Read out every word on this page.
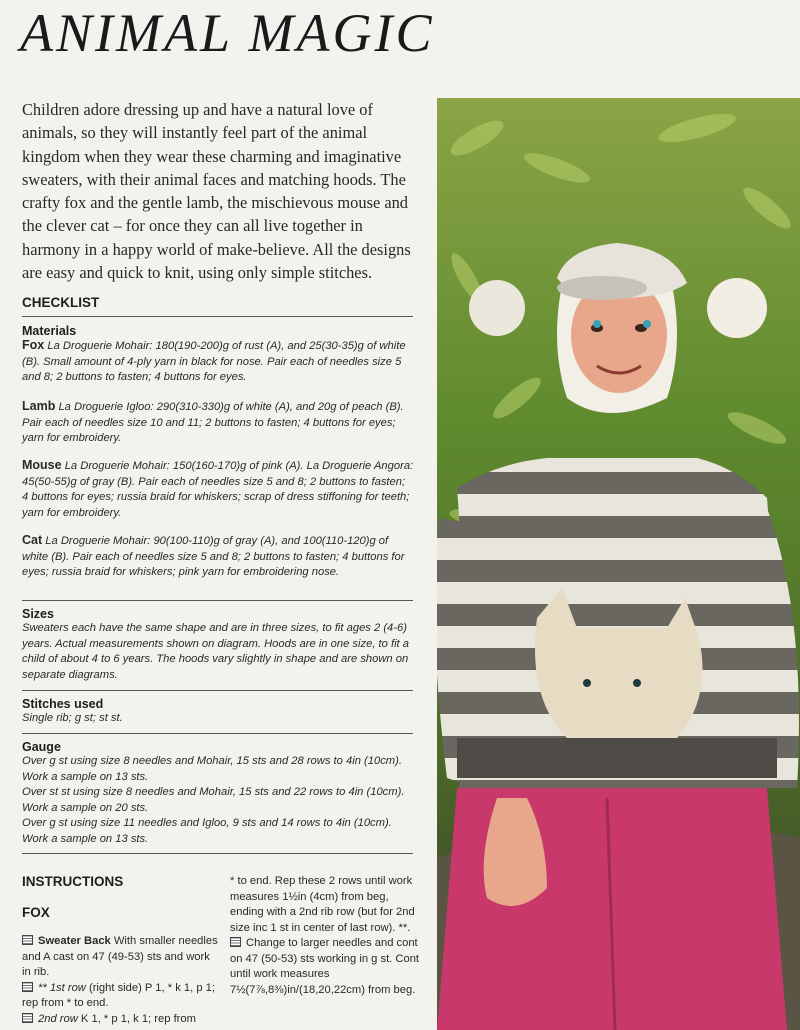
ANIMAL MAGIC

Children adore dressing up and have a natural love of animals, so they will instantly feel part of the animal kingdom when they wear these charming and imaginative sweaters, with their animal faces and matching hoods. The crafty fox and the gentle lamb, the mischievous mouse and the clever cat – for once they can all live together in harmony in a happy world of make-believe. All the designs are easy and quick to knit, using only simple stitches.

CHECKLIST

Materials

Fox La Droguerie Mohair: 180(190-200)g of rust (A), and 25(30-35)g of white (B). Small amount of 4-ply yarn in black for nose. Pair each of needles size 5 and 8; 2 buttons to fasten; 4 buttons for eyes.

Lamb La Droguerie Igloo: 290(310-330)g of white (A), and 20g of peach (B). Pair each of needles size 10 and 11; 2 buttons to fasten; 4 buttons for eyes; yarn for embroidery.

Mouse La Droguerie Mohair: 150(160-170)g of pink (A). La Droguerie Angora: 45(50-55)g of gray (B). Pair each of needles size 5 and 8; 2 buttons to fasten; 4 buttons for eyes; russia braid for whiskers; scrap of dress stiffoning for teeth; yarn for embroidery.

Cat La Droguerie Mohair: 90(100-110)g of gray (A), and 100(110-120)g of white (B). Pair each of needles size 5 and 8; 2 buttons to fasten; 4 buttons for eyes; russia braid for whiskers; pink yarn for embroidering nose.

Sizes

Sweaters each have the same shape and are in three sizes, to fit ages 2 (4-6) years. Actual measurements shown on diagram. Hoods are in one size, to fit a child of about 4 to 6 years. The hoods vary slightly in shape and are shown on separate diagrams.

Stitches used

Single rib; g st; st st.

Gauge

Over g st using size 8 needles and Mohair, 15 sts and 28 rows to 4in (10cm). Work a sample on 13 sts.

Over st st using size 8 needles and Mohair, 15 sts and 22 rows to 4in (10cm). Work a sample on 20 sts.

Over g st using size 11 needles and Igloo, 9 sts and 14 rows to 4in (10cm). Work a sample on 13 sts.

INSTRUCTIONS
FOX

Sweater Back With smaller needles and A cast on 47 (49-53) sts and work in rib.

** 1st row (right side) P 1, * k 1, p 1; rep from * to end.

2nd row K 1, * p 1, k 1; rep from

* to end. Rep these 2 rows until work measures 1½in (4cm) from beg, ending with a 2nd rib row (but for 2nd size inc 1 st in center of last row). **.

Change to larger needles and cont on 47 (50-53) sts working in g st. Cont until work measures 7½(7⅞,8⅜)in/(18,20,22cm) from beg.
